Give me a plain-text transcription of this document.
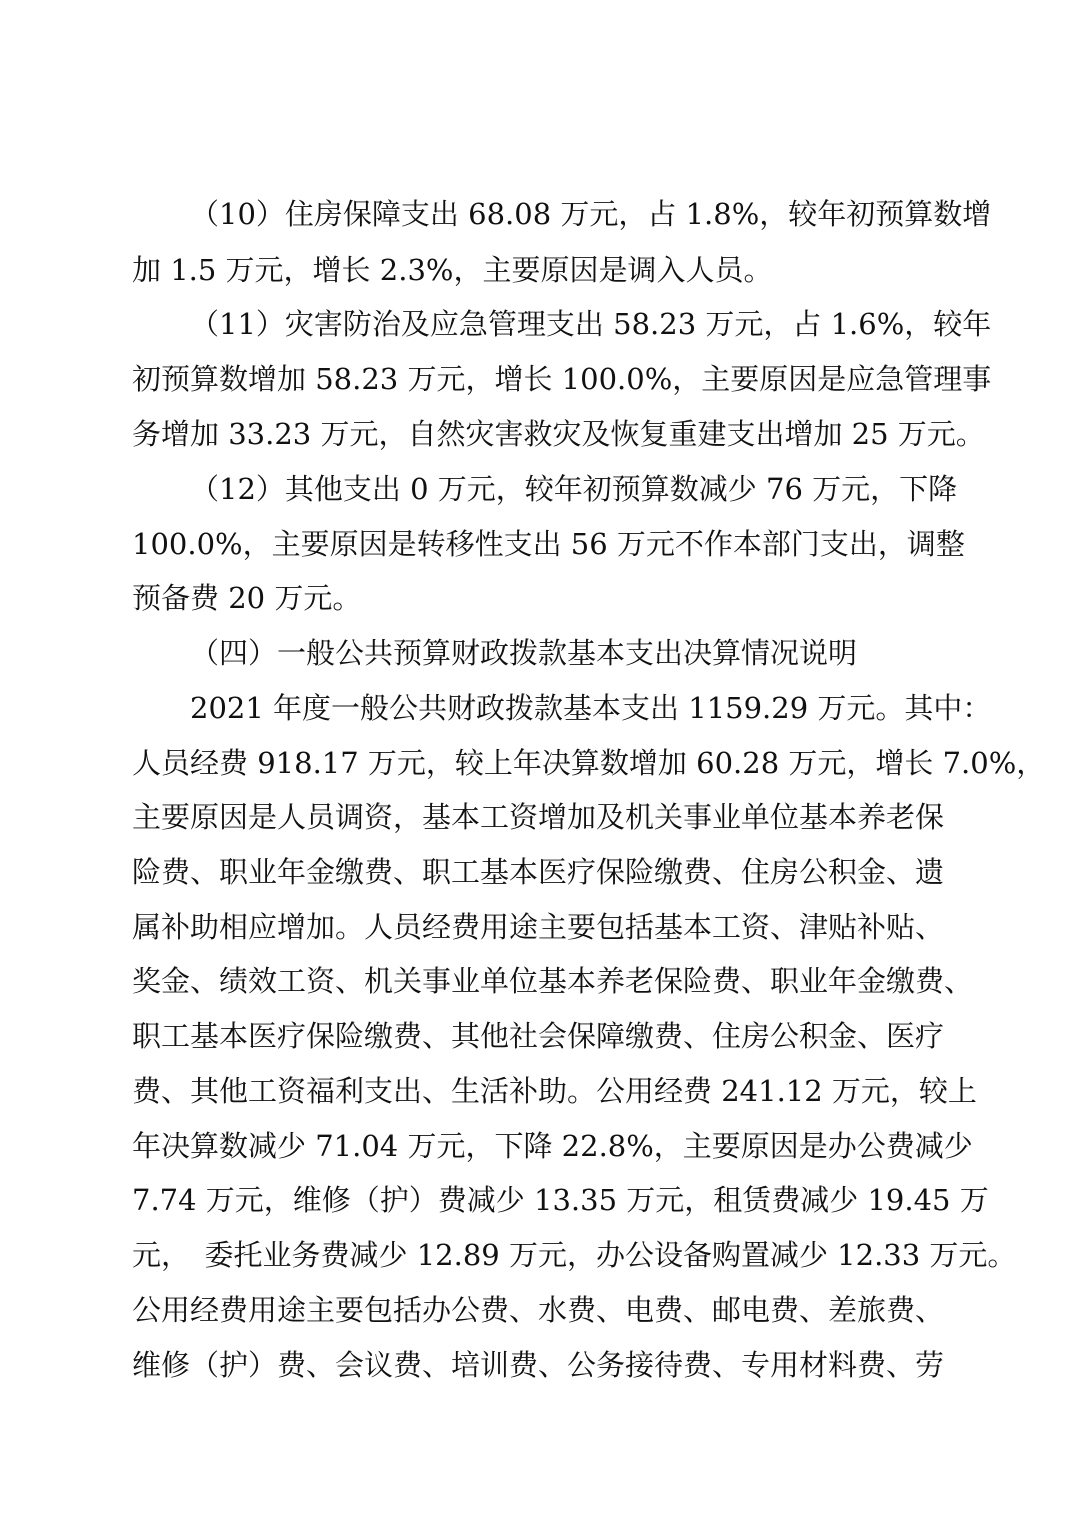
（10）住房保障支出 68.08 万元，占 1.8%，较年初预算数增
加 1.5 万元，增长 2.3%，主要原因是调入人员。
（11）灾害防治及应急管理支出 58.23 万元，占 1.6%，较年
初预算数增加 58.23 万元，增长 100.0%，主要原因是应急管理事
务增加 33.23 万元，自然灾害救灾及恢复重建支出增加 25 万元。
（12）其他支出 0 万元，较年初预算数减少 76 万元，下降
100.0%，主要原因是转移性支出 56 万元不作本部门支出，调整
预备费 20 万元。
（四）一般公共预算财政拨款基本支出决算情况说明
2021 年度一般公共财政拨款基本支出 1159.29 万元。其中：
人员经费 918.17 万元，较上年决算数增加 60.28 万元，增长 7.0%，
主要原因是人员调资，基本工资增加及机关事业单位基本养老保
险费、职业年金缴费、职工基本医疗保险缴费、住房公积金、遗
属补助相应增加。人员经费用途主要包括基本工资、津贴补贴、
奖金、绩效工资、机关事业单位基本养老保险费、职业年金缴费、
职工基本医疗保险缴费、其他社会保障缴费、住房公积金、医疗
费、其他工资福利支出、生活补助。公用经费 241.12 万元，较上
年决算数减少 71.04 万元，下降 22.8%，主要原因是办公费减少
7.74 万元，维修（护）费减少 13.35 万元，租赁费减少 19.45 万
元，　委托业务费减少 12.89 万元，办公设备购置减少 12.33 万元。
公用经费用途主要包括办公费、水费、电费、邮电费、差旅费、
维修（护）费、会议费、培训费、公务接待费、专用材料费、劳
